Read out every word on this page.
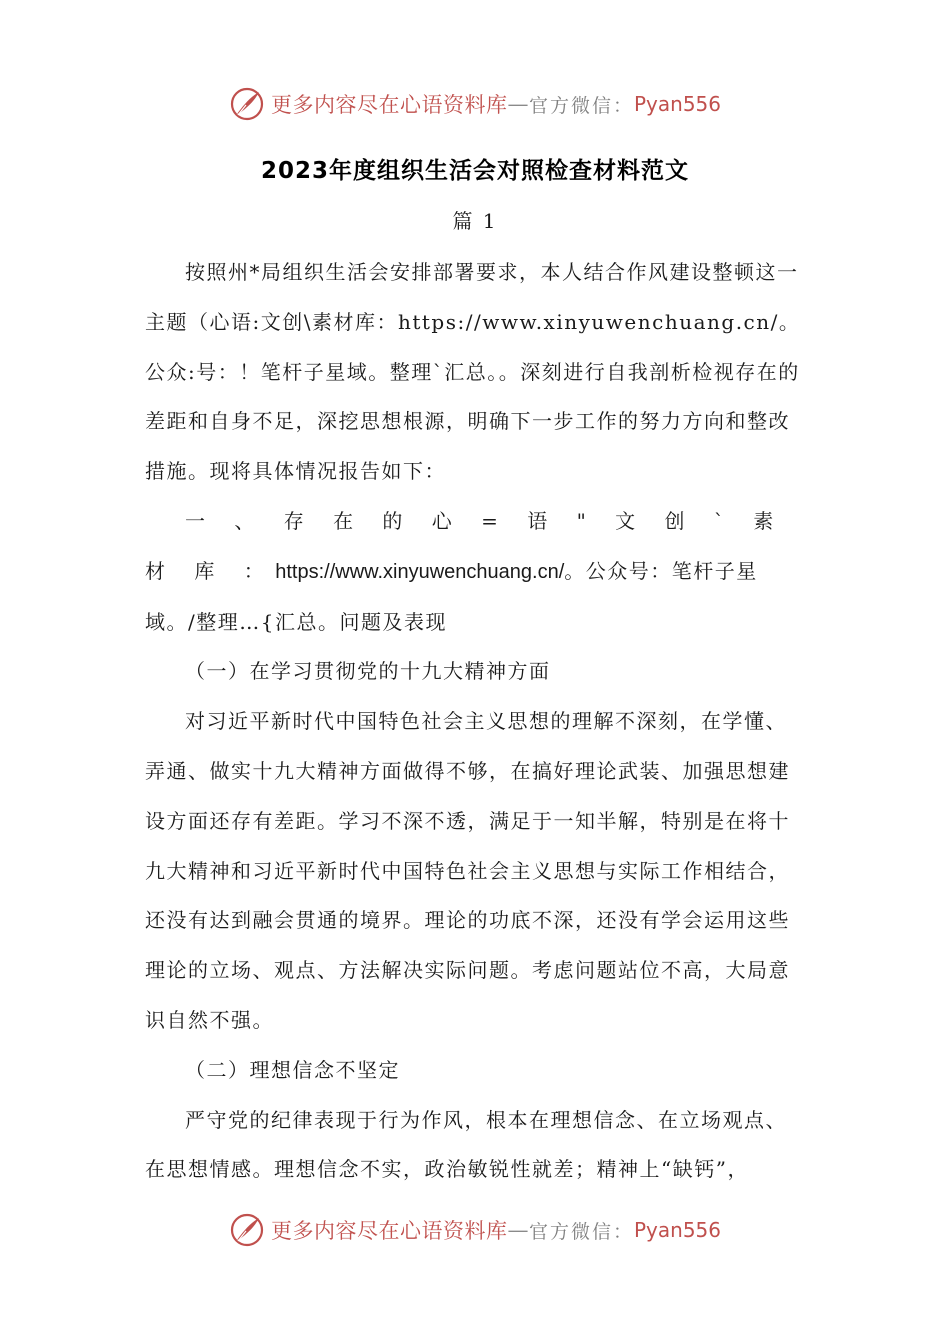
更多内容尽在心语资料库 — 官方微信： Pyan556
2023年度组织生活会对照检查材料范文
篇 1

按照州*局组织生活会安排部署要求，本人结合作风建设整顿这一主题（心语:文创\素材库：https://www.xinyuwenchuang.cn/。公众:号：！笔杆子星域。整理`汇总。。深刻进行自我剖析检视存在的差距和自身不足，深挖思想根源，明确下一步工作的努力方向和整改措施。现将具体情况报告如下：

一 、 存 在 的 心 = 语 " 文 创 ` 素 材 库 ：https://www.xinyuwenchuang.cn/。公众号：笔杆子星域。/整理…{汇总。问题及表现

（一）在学习贯彻党的十九大精神方面

对习近平新时代中国特色社会主义思想的理解不深刻，在学懂、弄通、做实十九大精神方面做得不够，在搞好理论武装、加强思想建设方面还存有差距。学习不深不透，满足于一知半解，特别是在将十九大精神和习近平新时代中国特色社会主义思想与实际工作相结合，还没有达到融会贯通的境界。理论的功底不深，还没有学会运用这些理论的立场、观点、方法解决实际问题。考虑问题站位不高，大局意识自然不强。

（二）理想信念不坚定

严守党的纪律表现于行为作风，根本在理想信念、在立场观点、在思想情感。理想信念不实，政治敏锐性就差；精神上“缺钙”，

更多内容尽在心语资料库 — 官方微信： Pyan556
